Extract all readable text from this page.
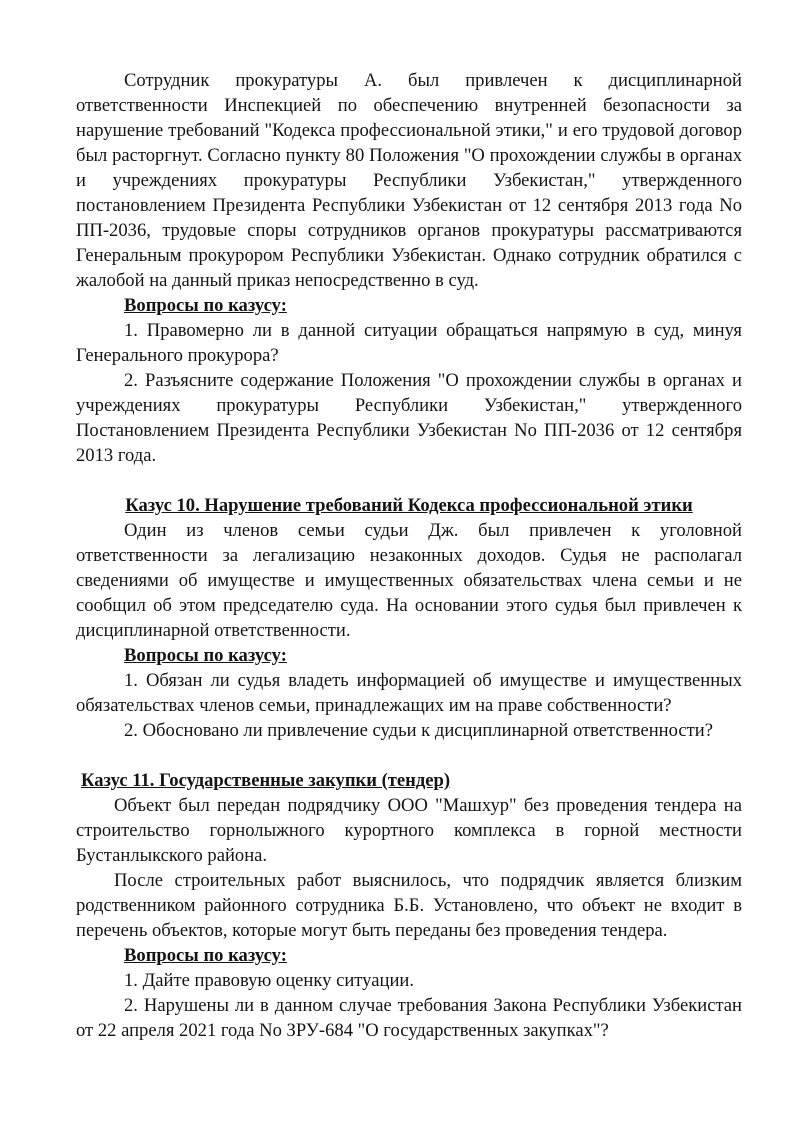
Сотрудник прокуратуры А. был привлечен к дисциплинарной ответственности Инспекцией по обеспечению внутренней безопасности за нарушение требований "Кодекса профессиональной этики," и его трудовой договор был расторгнут. Согласно пункту 80 Положения "О прохождении службы в органах и учреждениях прокуратуры Республики Узбекистан," утвержденного постановлением Президента Республики Узбекистан от 12 сентября 2013 года No ПП-2036, трудовые споры сотрудников органов прокуратуры рассматриваются Генеральным прокурором Республики Узбекистан. Однако сотрудник обратился с жалобой на данный приказ непосредственно в суд.

Вопросы по казусу:

1. Правомерно ли в данной ситуации обращаться напрямую в суд, минуя Генерального прокурора?

2. Разъясните содержание Положения "О прохождении службы в органах и учреждениях прокуратуры Республики Узбекистан," утвержденного Постановлением Президента Республики Узбекистан No ПП-2036 от 12 сентября 2013 года.

Казус 10. Нарушение требований Кодекса профессиональной этики

Один из членов семьи судьи Дж. был привлечен к уголовной ответственности за легализацию незаконных доходов. Судья не располагал сведениями об имуществе и имущественных обязательствах члена семьи и не сообщил об этом председателю суда. На основании этого судья был привлечен к дисциплинарной ответственности.

Вопросы по казусу:

1. Обязан ли судья владеть информацией об имуществе и имущественных обязательствах членов семьи, принадлежащих им на праве собственности?

2. Обосновано ли привлечение судьи к дисциплинарной ответственности?

Казус 11. Государственные закупки (тендер)

Объект был передан подрядчику ООО "Машхур" без проведения тендера на строительство горнолыжного курортного комплекса в горной местности Бустанлыкского района.

После строительных работ выяснилось, что подрядчик является близким родственником районного сотрудника Б.Б. Установлено, что объект не входит в перечень объектов, которые могут быть переданы без проведения тендера.

Вопросы по казусу:

1. Дайте правовую оценку ситуации.

2. Нарушены ли в данном случае требования Закона Республики Узбекистан от 22 апреля 2021 года No ЗРУ-684 "О государственных закупках"?
